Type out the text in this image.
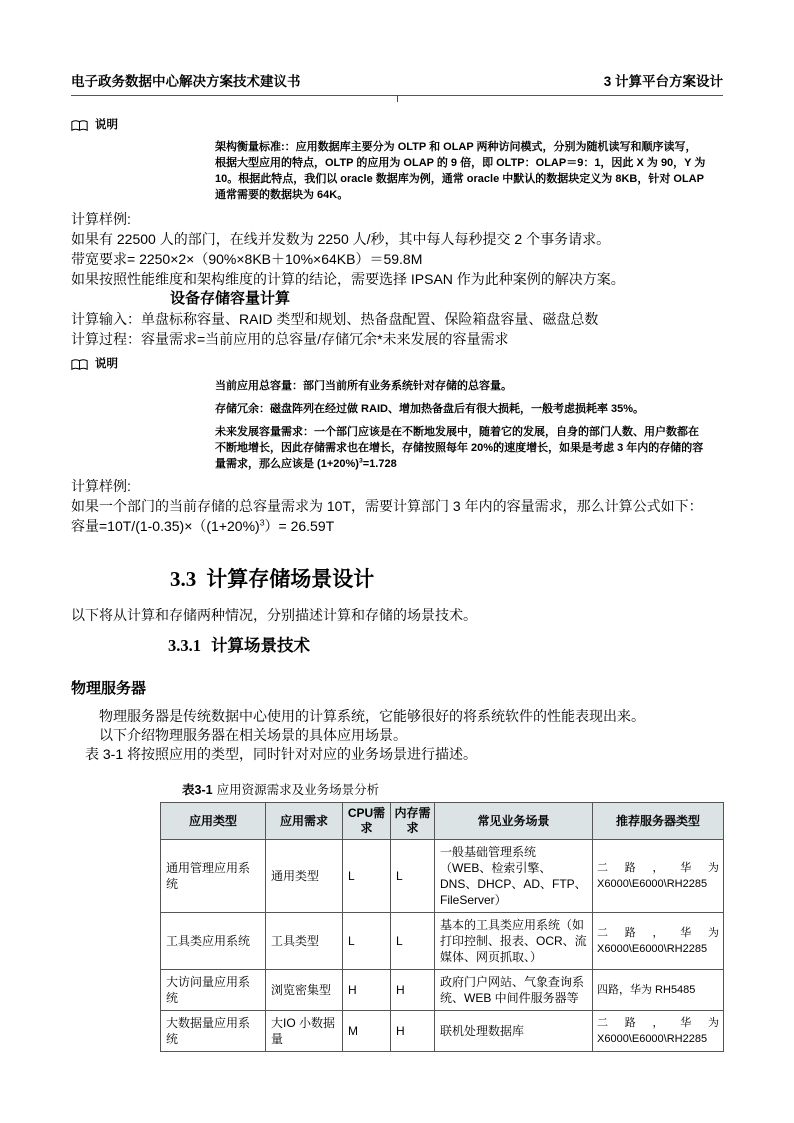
电子政务数据中心解决方案技术建议书	3 计算平台方案设计
说明
架构衡量标准:：应用数据库主要分为 OLTP 和 OLAP 两种访问模式，分别为随机读写和顺序读写，根据大型应用的特点，OLTP 的应用为 OLAP 的 9 倍，即 OLTP：OLAP＝9：1，因此 X 为 90，Y 为 10。根据此特点，我们以 oracle 数据库为例，通常 oracle 中默认的数据块定义为 8KB，针对 OLAP 通常需要的数据块为 64K。

计算样例:

如果有 22500 人的部门，在线并发数为 2250 人/秒，其中每人每秒提交 2 个事务请求。

带宽要求= 2250×2×（90%×8KB＋10%×64KB）＝59.8M

如果按照性能维度和架构维度的计算的结论，需要选择 IPSAN 作为此种案例的解决方案。

设备存储容量计算

计算输入：单盘标称容量、RAID 类型和规划、热备盘配置、保险箱盘容量、磁盘总数

计算过程：容量需求=当前应用的总容量/存储冗余*未来发展的容量需求

说明

当前应用总容量：部门当前所有业务系统针对存储的总容量。

存储冗余：磁盘阵列在经过做 RAID、增加热备盘后有很大损耗，一般考虑损耗率 35%。

未来发展容量需求：一个部门应该是在不断地发展中，随着它的发展，自身的部门人数、用户数都在不断地增长，因此存储需求也在增长，存储按照每年 20%的速度增长，如果是考虑 3 年内的存储的容量需求，那么应该是 $(1+20\%)^3=1.728$

计算样例:

如果一个部门的当前存储的总容量需求为 10T，需要计算部门 3 年内的容量需求，那么计算公式如下：

容量$=10T/(1-0.35)\times((1+20\%)^3)= 26.59T$

3.3 计算存储场景设计

以下将从计算和存储两种情况，分别描述计算和存储的场景技术。

3.3.1 计算场景技术
物理服务器

物理服务器是传统数据中心使用的计算系统，它能够很好的将系统软件的性能表现出来。

以下介绍物理服务器在相关场景的具体应用场景。

表 3-1 将按照应用的类型，同时针对对应的业务场景进行描述。

表3-1 应用资源需求及业务场景分析

应用类型	应用需求	CPU需求	内存需求	常见业务场景	推荐服务器类型
通用管理应用系统	通用类型	L	L	一般基础管理系统（WEB、检索引擎、DNS、DHCP、AD、FTP、FileServer）	二路，华为 X6000\E6000\RH2285
工具类应用系统	工具类型	L	L	基本的工具类应用系统（如打印控制、报表、OCR、流媒体、网页抓取、）	二路，华为 X6000\E6000\RH2285
大访问量应用系统	浏览密集型	H	H	政府门户网站、气象查询系统、WEB 中间件服务器等	四路，华为 RH5485
大数据量应用系统	大IO 小数据量	M	H	联机处理数据库	二路，华为 X6000\E6000\RH2285
